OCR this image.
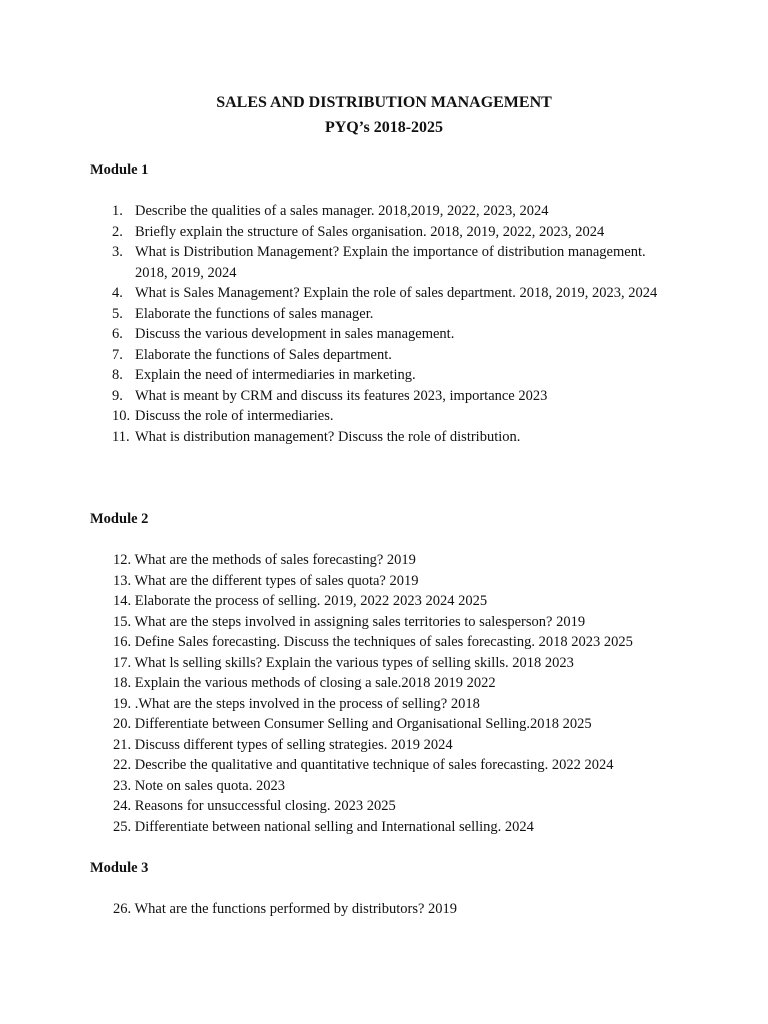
SALES AND DISTRIBUTION MANAGEMENT
PYQ’s 2018-2025
Module 1
1. Describe the qualities of a sales manager. 2018,2019, 2022, 2023, 2024
2. Briefly explain the structure of Sales organisation. 2018, 2019, 2022, 2023, 2024
3. What is Distribution Management? Explain the importance of distribution management. 2018, 2019, 2024
4. What is Sales Management? Explain the role of sales department. 2018, 2019, 2023, 2024
5. Elaborate the functions of sales manager.
6. Discuss the various development in sales management.
7. Elaborate the functions of Sales department.
8. Explain the need of intermediaries in marketing.
9. What is meant by CRM and discuss its features 2023, importance 2023
10. Discuss the role of intermediaries.
11. What is distribution management? Discuss the role of distribution.
Module 2
12. What are the methods of sales forecasting? 2019
13. What are the different types of sales quota? 2019
14. Elaborate the process of selling. 2019, 2022 2023 2024 2025
15. What are the steps involved in assigning sales territories to salesperson? 2019
16. Define Sales forecasting. Discuss the techniques of sales forecasting. 2018 2023 2025
17. What ls selling skills? Explain the various types of selling skills. 2018 2023
18. Explain the various methods of closing a sale.2018 2019 2022
19. .What are the steps involved in the process of selling? 2018
20. Differentiate between Consumer Selling and Organisational Selling.2018 2025
21. Discuss different types of selling strategies. 2019 2024
22. Describe the qualitative and quantitative technique of sales forecasting. 2022 2024
23. Note on sales quota. 2023
24. Reasons for unsuccessful closing. 2023 2025
25. Differentiate between national selling and International selling. 2024
Module 3
26. What are the functions performed by distributors? 2019
